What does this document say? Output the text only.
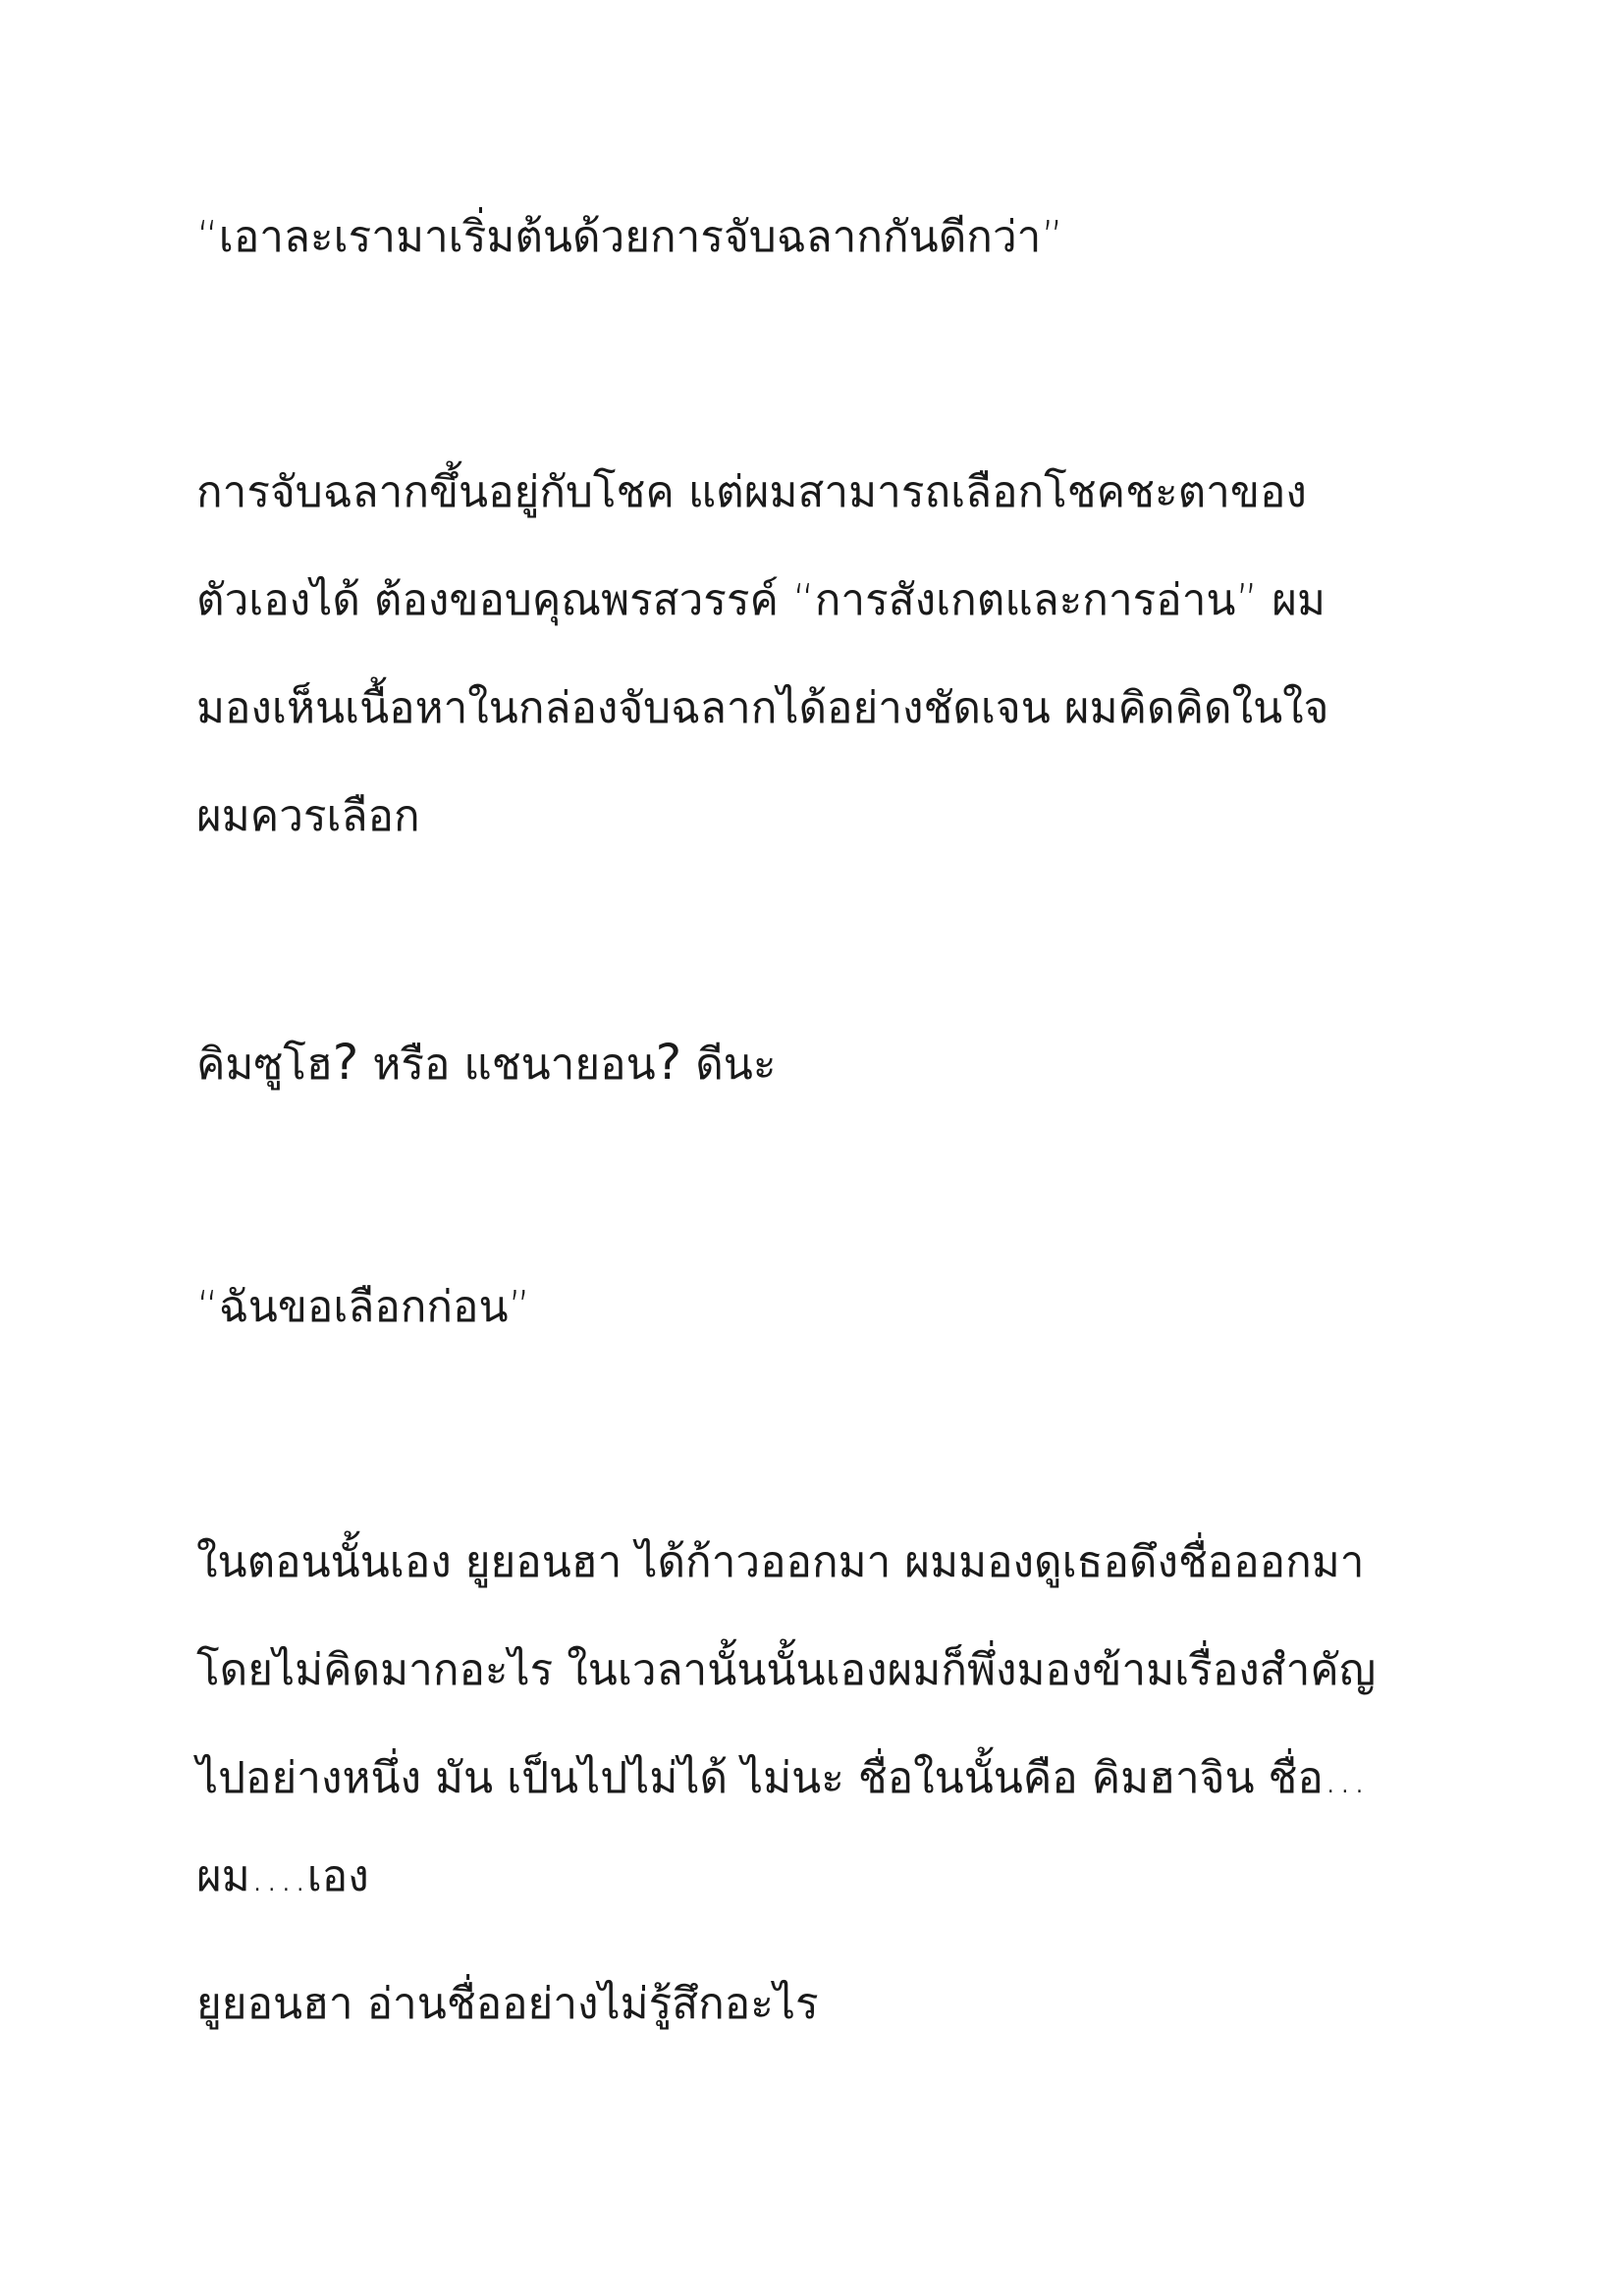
“เอาละเรามาเริ่มต้นด้วยการจับฉลากกันดีกว่า”
การจับฉลากขึ้นอยู่กับโชค แต่ผมสามารถเลือกโชคชะตาของ
ตัวเองได้ ต้องขอบคุณพรสวรรค์ “การสังเกตและการอ่าน” ผม
มองเห็นเนื้อหาในกล่องจับฉลากได้อย่างชัดเจน ผมคิดคิดในใจ
ผมควรเลือก
คิมซูโฮ? หรือ แชนายอน? ดีนะ
“ฉันขอเลือกก่อน”
ในตอนนั้นเอง ยูยอนฮา ได้ก้าวออกมา ผมมองดูเธอดึงชื่อออกมา
โดยไม่คิดมากอะไร ในเวลานั้นนั้นเองผมก็พึ่งมองข้ามเรื่องสำคัญ
ไปอย่างหนึ่ง มัน เป็นไปไม่ได้ ไม่นะ ชื่อในนั้นคือ คิมฮาจิน ชื่อ…
ผม….เอง
ยูยอนฮา อ่านชื่ออย่างไม่รู้สึกอะไร
